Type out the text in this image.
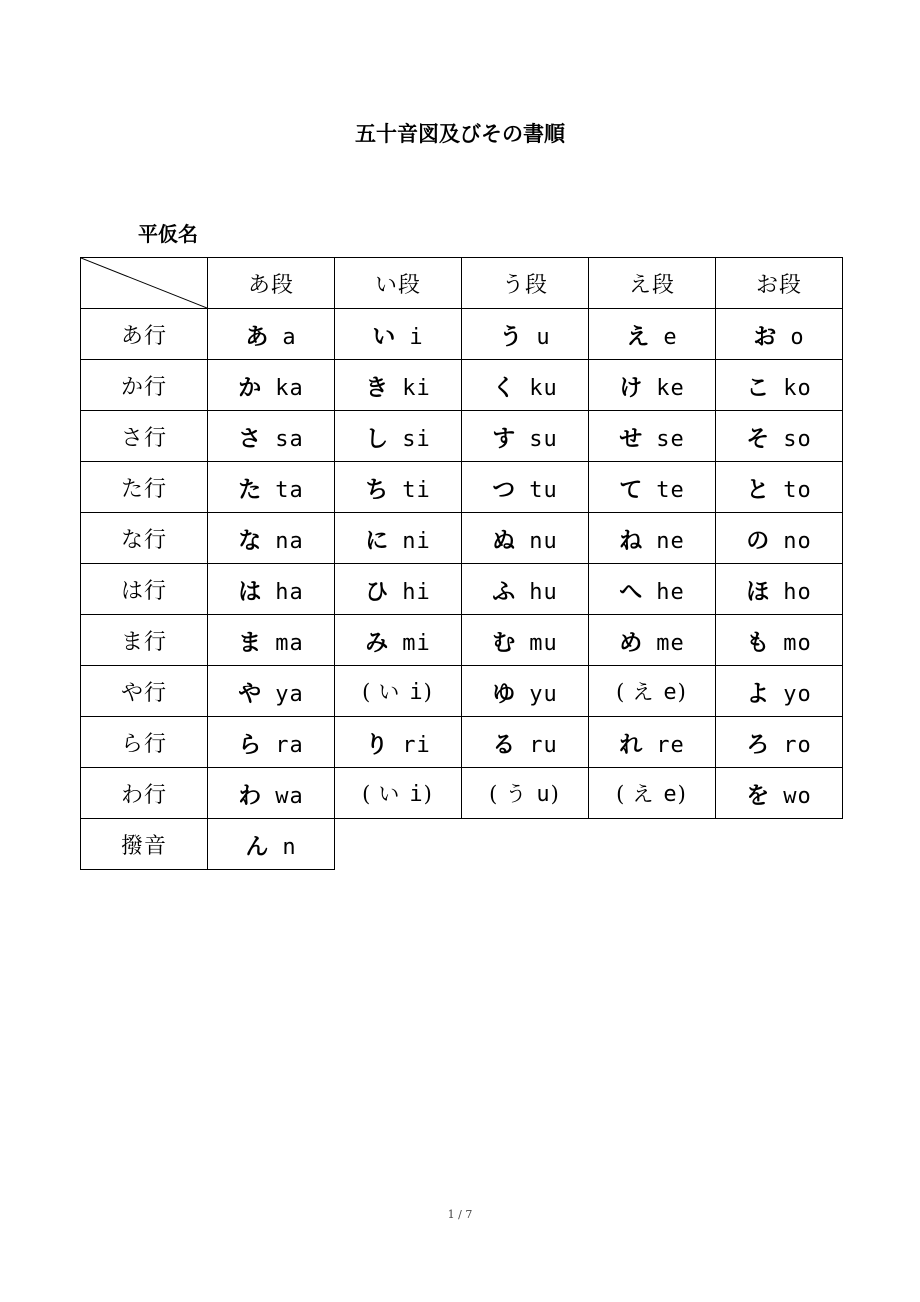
五十音図及びその書順
平仮名
	あ段	い段	う段	え段	お段
あ行	あ a	い i	う u	え e	お o
か行	か ka	き ki	く ku	け ke	こ ko
さ行	さ sa	し si	す su	せ se	そ so
た行	た ta	ち ti	つ tu	て te	と to
な行	な na	に ni	ぬ nu	ね ne	の no
は行	は ha	ひ hi	ふ hu	へ he	ほ ho
ま行	ま ma	み mi	む mu	め me	も mo
や行	や ya	( い i)	ゆ yu	( え e)	よ yo
ら行	ら ra	り ri	る ru	れ re	ろ ro
わ行	わ wa	( い i)	( う u)	( え e)	を wo
撥音	ん n				
1 / 7
